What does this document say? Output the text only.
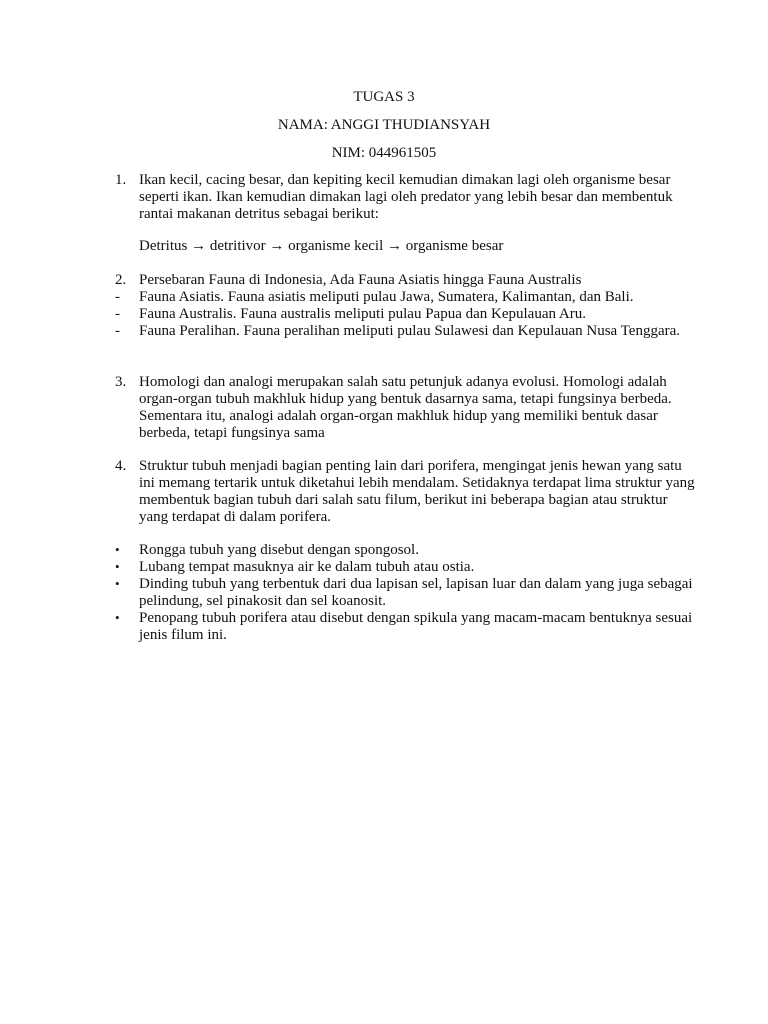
TUGAS 3
NAMA: ANGGI THUDIANSYAH
NIM: 044961505
1. Ikan kecil, cacing besar, dan kepiting kecil kemudian dimakan lagi oleh organisme besar seperti ikan. Ikan kemudian dimakan lagi oleh predator yang lebih besar dan membentuk rantai makanan detritus sebagai berikut:
Detritus → detritivor → organisme kecil → organisme besar
2. Persebaran Fauna di Indonesia, Ada Fauna Asiatis hingga Fauna Australis
- Fauna Asiatis. Fauna asiatis meliputi pulau Jawa, Sumatera, Kalimantan, dan Bali.
- Fauna Australis. Fauna australis meliputi pulau Papua dan Kepulauan Aru.
- Fauna Peralihan. Fauna peralihan meliputi pulau Sulawesi dan Kepulauan Nusa Tenggara.
3. Homologi dan analogi merupakan salah satu petunjuk adanya evolusi. Homologi adalah organ-organ tubuh makhluk hidup yang bentuk dasarnya sama, tetapi fungsinya berbeda. Sementara itu, analogi adalah organ-organ makhluk hidup yang memiliki bentuk dasar berbeda, tetapi fungsinya sama
4. Struktur tubuh menjadi bagian penting lain dari porifera, mengingat jenis hewan yang satu ini memang tertarik untuk diketahui lebih mendalam. Setidaknya terdapat lima struktur yang membentuk bagian tubuh dari salah satu filum, berikut ini beberapa bagian atau struktur yang terdapat di dalam porifera.
• Rongga tubuh yang disebut dengan spongosol.
• Lubang tempat masuknya air ke dalam tubuh atau ostia.
• Dinding tubuh yang terbentuk dari dua lapisan sel, lapisan luar dan dalam yang juga sebagai pelindung, sel pinakosit dan sel koanosit.
• Penopang tubuh porifera atau disebut dengan spikula yang macam-macam bentuknya sesuai jenis filum ini.
